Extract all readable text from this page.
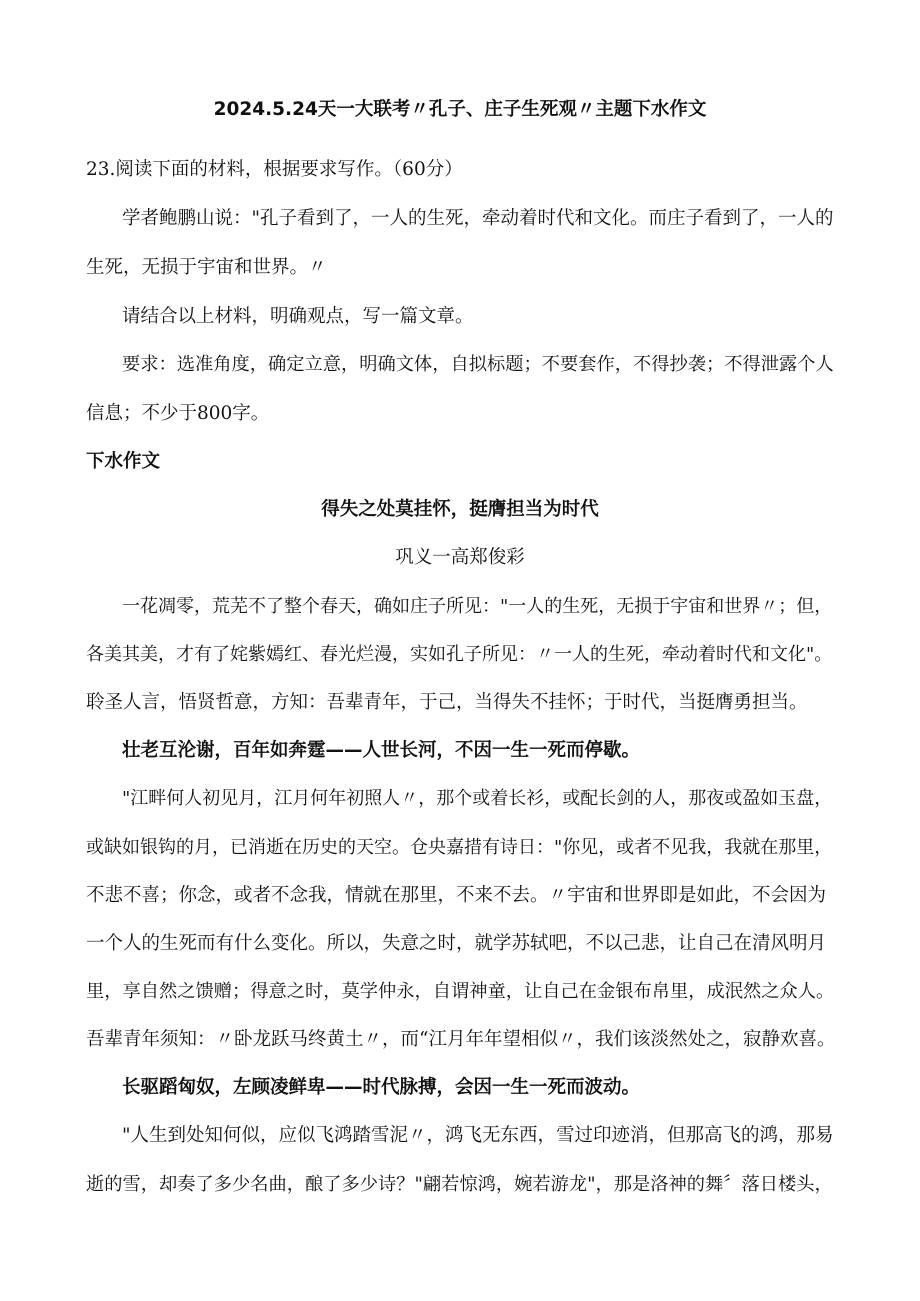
2024.5.24天一大联考〃孔子、庄子生死观〃主题下水作文
23.阅读下面的材料，根据要求写作。（60分）
学者鲍鹏山说："孔子看到了，一人的生死，牵动着时代和文化。而庄子看到了，一人的
生死，无损于宇宙和世界。〃
请结合以上材料，明确观点，写一篇文章。
要求：选准角度，确定立意，明确文体，自拟标题；不要套作，不得抄袭；不得泄露个人
信息；不少于800字。
下水作文
得失之处莫挂怀，挺膺担当为时代
巩义一高郑俊彩
一花凋零，荒芜不了整个春天，确如庄子所见："一人的生死，无损于宇宙和世界〃；但，
各美其美，才有了姹紫嫣红、春光烂漫，实如孔子所见：〃一人的生死，牵动着时代和文化"。
聆圣人言，悟贤哲意，方知：吾辈青年，于己，当得失不挂怀；于时代，当挺膺勇担当。
壮老互沦谢，百年如奔霆——人世长河，不因一生一死而停歇。
"江畔何人初见月，江月何年初照人〃，那个或着长衫，或配长剑的人，那夜或盈如玉盘，
或缺如银钩的月，已消逝在历史的天空。仓央嘉措有诗日："你见，或者不见我，我就在那里，
不悲不喜；你念，或者不念我，情就在那里，不来不去。〃宇宙和世界即是如此，不会因为
一个人的生死而有什么变化。所以，失意之时，就学苏轼吧，不以己悲，让自己在清风明月
里，享自然之馈赠；得意之时，莫学仲永，自谓神童，让自己在金银布帛里，成泯然之众人。
吾辈青年须知：〃卧龙跃马终黄土〃，而“江月年年望相似〃，我们该淡然处之，寂静欢喜。
长驱蹈匈奴，左顾凌鲜卑——时代脉搏，会因一生一死而波动。
"人生到处知何似，应似飞鸿踏雪泥〃，鸿飞无东西，雪过印迹消，但那高飞的鸿，那易
逝的雪，却奏了多少名曲，酿了多少诗？"翩若惊鸿，婉若游龙"，那是洛神的舞〞落日楼头，
